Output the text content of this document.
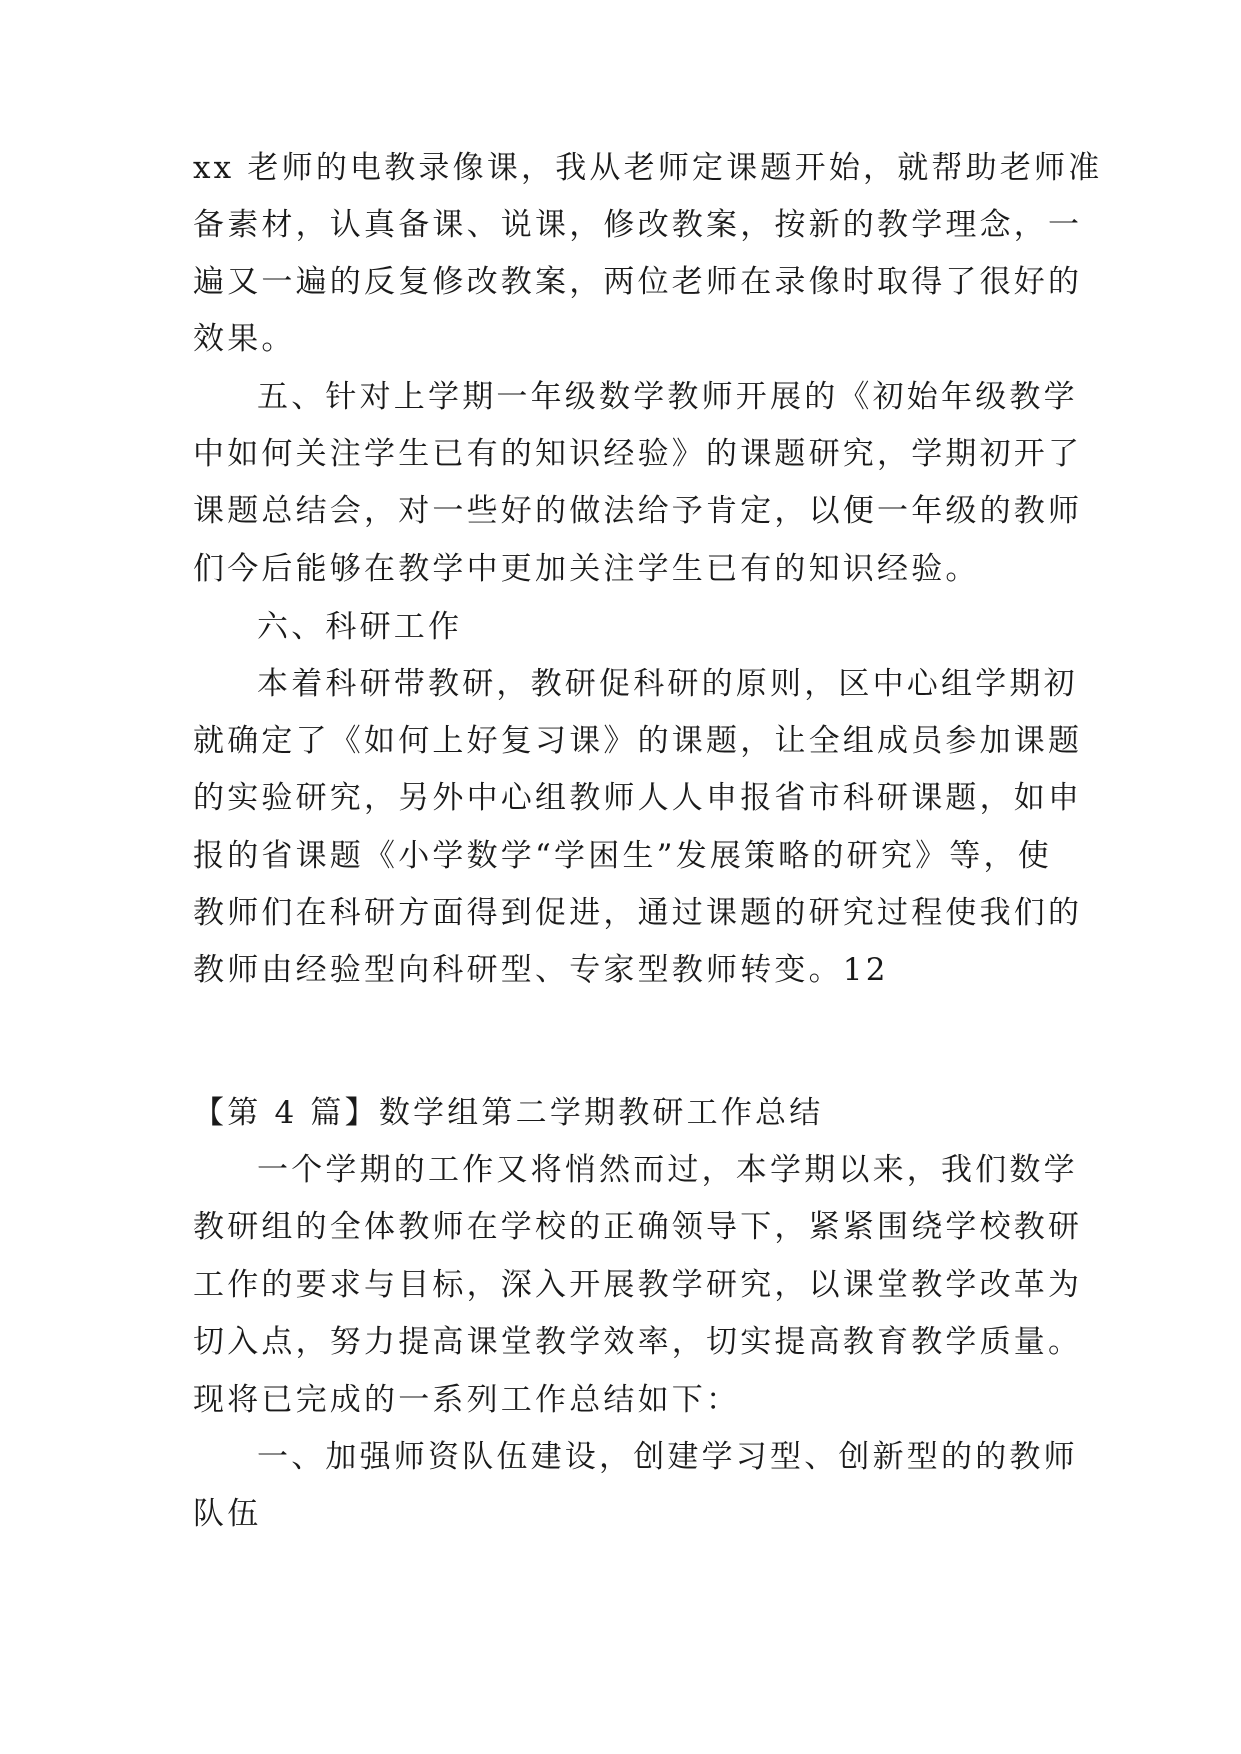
xx 老师的电教录像课，我从老师定课题开始，就帮助老师准
备素材，认真备课、说课，修改教案，按新的教学理念，一
遍又一遍的反复修改教案，两位老师在录像时取得了很好的
效果。
五、针对上学期一年级数学教师开展的《初始年级教学
中如何关注学生已有的知识经验》的课题研究，学期初开了
课题总结会，对一些好的做法给予肯定，以便一年级的教师
们今后能够在教学中更加关注学生已有的知识经验。
六、科研工作
本着科研带教研，教研促科研的原则，区中心组学期初
就确定了《如何上好复习课》的课题，让全组成员参加课题
的实验研究，另外中心组教师人人申报省市科研课题，如申
报的省课题《小学数学“学困生”发展策略的研究》等，使
教师们在科研方面得到促进，通过课题的研究过程使我们的
教师由经验型向科研型、专家型教师转变。12
【第 4 篇】数学组第二学期教研工作总结
一个学期的工作又将悄然而过，本学期以来，我们数学
教研组的全体教师在学校的正确领导下，紧紧围绕学校教研
工作的要求与目标，深入开展教学研究，以课堂教学改革为
切入点，努力提高课堂教学效率，切实提高教育教学质量。
现将已完成的一系列工作总结如下：
一、加强师资队伍建设，创建学习型、创新型的的教师
队伍
